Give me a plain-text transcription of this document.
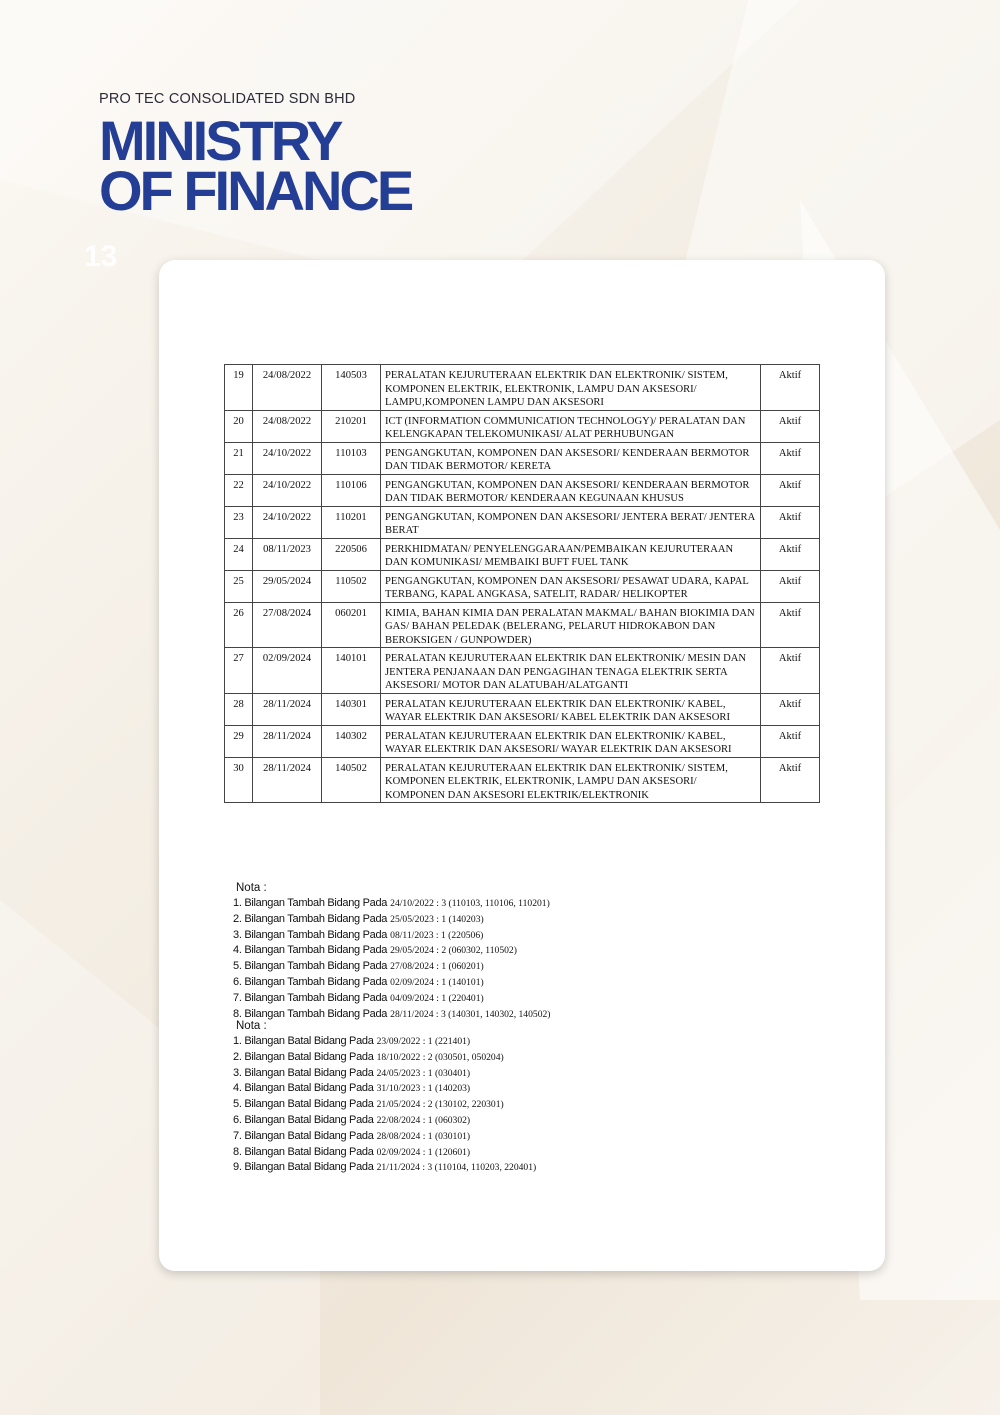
PRO TEC CONSOLIDATED SDN BHD
MINISTRY
OF FINANCE
13
19	24/08/2022	140503	PERALATAN KEJURUTERAAN ELEKTRIK DAN ELEKTRONIK/ SISTEM, KOMPONEN ELEKTRIK, ELEKTRONIK, LAMPU DAN AKSESORI/ LAMPU,KOMPONEN LAMPU DAN AKSESORI	Aktif
20	24/08/2022	210201	ICT (INFORMATION COMMUNICATION TECHNOLOGY)/ PERALATAN DAN KELENGKAPAN TELEKOMUNIKASI/ ALAT PERHUBUNGAN	Aktif
21	24/10/2022	110103	PENGANGKUTAN, KOMPONEN DAN AKSESORI/ KENDERAAN BERMOTOR DAN TIDAK BERMOTOR/ KERETA	Aktif
22	24/10/2022	110106	PENGANGKUTAN, KOMPONEN DAN AKSESORI/ KENDERAAN BERMOTOR DAN TIDAK BERMOTOR/ KENDERAAN KEGUNAAN KHUSUS	Aktif
23	24/10/2022	110201	PENGANGKUTAN, KOMPONEN DAN AKSESORI/ JENTERA BERAT/ JENTERA BERAT	Aktif
24	08/11/2023	220506	PERKHIDMATAN/ PENYELENGGARAAN/PEMBAIKAN KEJURUTERAAN DAN KOMUNIKASI/ MEMBAIKI BUFT FUEL TANK	Aktif
25	29/05/2024	110502	PENGANGKUTAN, KOMPONEN DAN AKSESORI/ PESAWAT UDARA, KAPAL TERBANG, KAPAL ANGKASA, SATELIT, RADAR/ HELIKOPTER	Aktif
26	27/08/2024	060201	KIMIA, BAHAN KIMIA DAN PERALATAN MAKMAL/ BAHAN BIOKIMIA DAN GAS/ BAHAN PELEDAK (BELERANG, PELARUT HIDROKABON DAN BEROKSIGEN / GUNPOWDER)	Aktif
27	02/09/2024	140101	PERALATAN KEJURUTERAAN ELEKTRIK DAN ELEKTRONIK/ MESIN DAN JENTERA PENJANAAN DAN PENGAGIHAN TENAGA ELEKTRIK SERTA AKSESORI/ MOTOR DAN ALATUBAH/ALATGANTI	Aktif
28	28/11/2024	140301	PERALATAN KEJURUTERAAN ELEKTRIK DAN ELEKTRONIK/ KABEL, WAYAR ELEKTRIK DAN AKSESORI/ KABEL ELEKTRIK DAN AKSESORI	Aktif
29	28/11/2024	140302	PERALATAN KEJURUTERAAN ELEKTRIK DAN ELEKTRONIK/ KABEL, WAYAR ELEKTRIK DAN AKSESORI/ WAYAR ELEKTRIK DAN AKSESORI	Aktif
30	28/11/2024	140502	PERALATAN KEJURUTERAAN ELEKTRIK DAN ELEKTRONIK/ SISTEM, KOMPONEN ELEKTRIK, ELEKTRONIK, LAMPU DAN AKSESORI/ KOMPONEN DAN AKSESORI ELEKTRIK/ELEKTRONIK	Aktif
Nota :
1. Bilangan Tambah Bidang Pada 24/10/2022 : 3 (110103, 110106, 110201)
2. Bilangan Tambah Bidang Pada 25/05/2023 : 1 (140203)
3. Bilangan Tambah Bidang Pada 08/11/2023 : 1 (220506)
4. Bilangan Tambah Bidang Pada 29/05/2024 : 2 (060302, 110502)
5. Bilangan Tambah Bidang Pada 27/08/2024 : 1 (060201)
6. Bilangan Tambah Bidang Pada 02/09/2024 : 1 (140101)
7. Bilangan Tambah Bidang Pada 04/09/2024 : 1 (220401)
8. Bilangan Tambah Bidang Pada 28/11/2024 : 3 (140301, 140302, 140502)
Nota :
1. Bilangan Batal Bidang Pada 23/09/2022 : 1 (221401)
2. Bilangan Batal Bidang Pada 18/10/2022 : 2 (030501, 050204)
3. Bilangan Batal Bidang Pada 24/05/2023 : 1 (030401)
4. Bilangan Batal Bidang Pada 31/10/2023 : 1 (140203)
5. Bilangan Batal Bidang Pada 21/05/2024 : 2 (130102, 220301)
6. Bilangan Batal Bidang Pada 22/08/2024 : 1 (060302)
7. Bilangan Batal Bidang Pada 28/08/2024 : 1 (030101)
8. Bilangan Batal Bidang Pada 02/09/2024 : 1 (120601)
9. Bilangan Batal Bidang Pada 21/11/2024 : 3 (110104, 110203, 220401)
